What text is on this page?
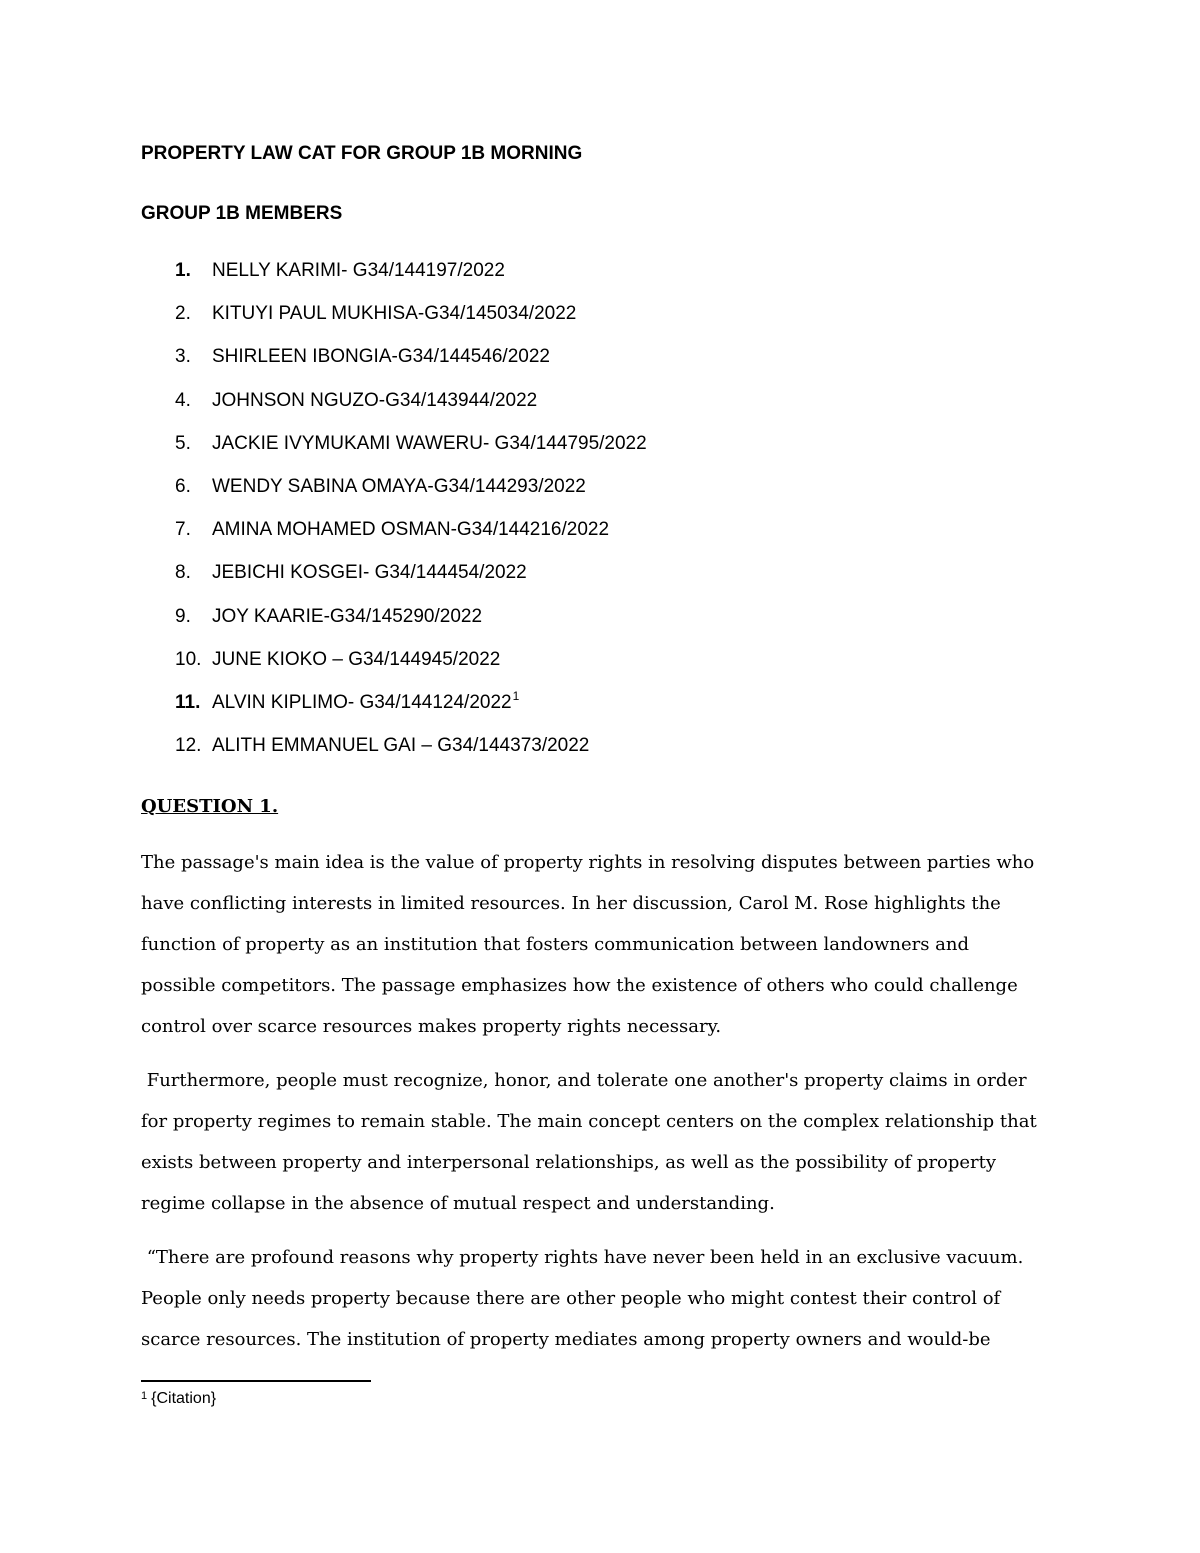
PROPERTY LAW CAT FOR GROUP 1B MORNING
GROUP 1B MEMBERS
1.	NELLY KARIMI- G34/144197/2022
2.	KITUYI PAUL MUKHISA-G34/145034/2022
3.	SHIRLEEN IBONGIA-G34/144546/2022
4.	JOHNSON NGUZO-G34/143944/2022
5.	JACKIE IVYMUKAMI WAWERU- G34/144795/2022
6.	WENDY SABINA OMAYA-G34/144293/2022
7.	AMINA MOHAMED OSMAN-G34/144216/2022
8.	JEBICHI KOSGEI- G34/144454/2022
9.	JOY KAARIE-G34/145290/2022
10. JUNE KIOKO – G34/144945/2022
11. ALVIN KIPLIMO- G34/144124/2022$^1$
12. ALITH EMMANUEL GAI – G34/144373/2022
QUESTION 1.
The passage's main idea is the value of property rights in resolving disputes between parties who
have conflicting interests in limited resources. In her discussion, Carol M. Rose highlights the
function of property as an institution that fosters communication between landowners and
possible competitors. The passage emphasizes how the existence of others who could challenge
control over scarce resources makes property rights necessary.
Furthermore, people must recognize, honor, and tolerate one another's property claims in order
for property regimes to remain stable. The main concept centers on the complex relationship that
exists between property and interpersonal relationships, as well as the possibility of property
regime collapse in the absence of mutual respect and understanding.
“There are profound reasons why property rights have never been held in an exclusive vacuum.
People only needs property because there are other people who might contest their control of
scarce resources. The institution of property mediates among property owners and would-be
$^1$ {Citation}
